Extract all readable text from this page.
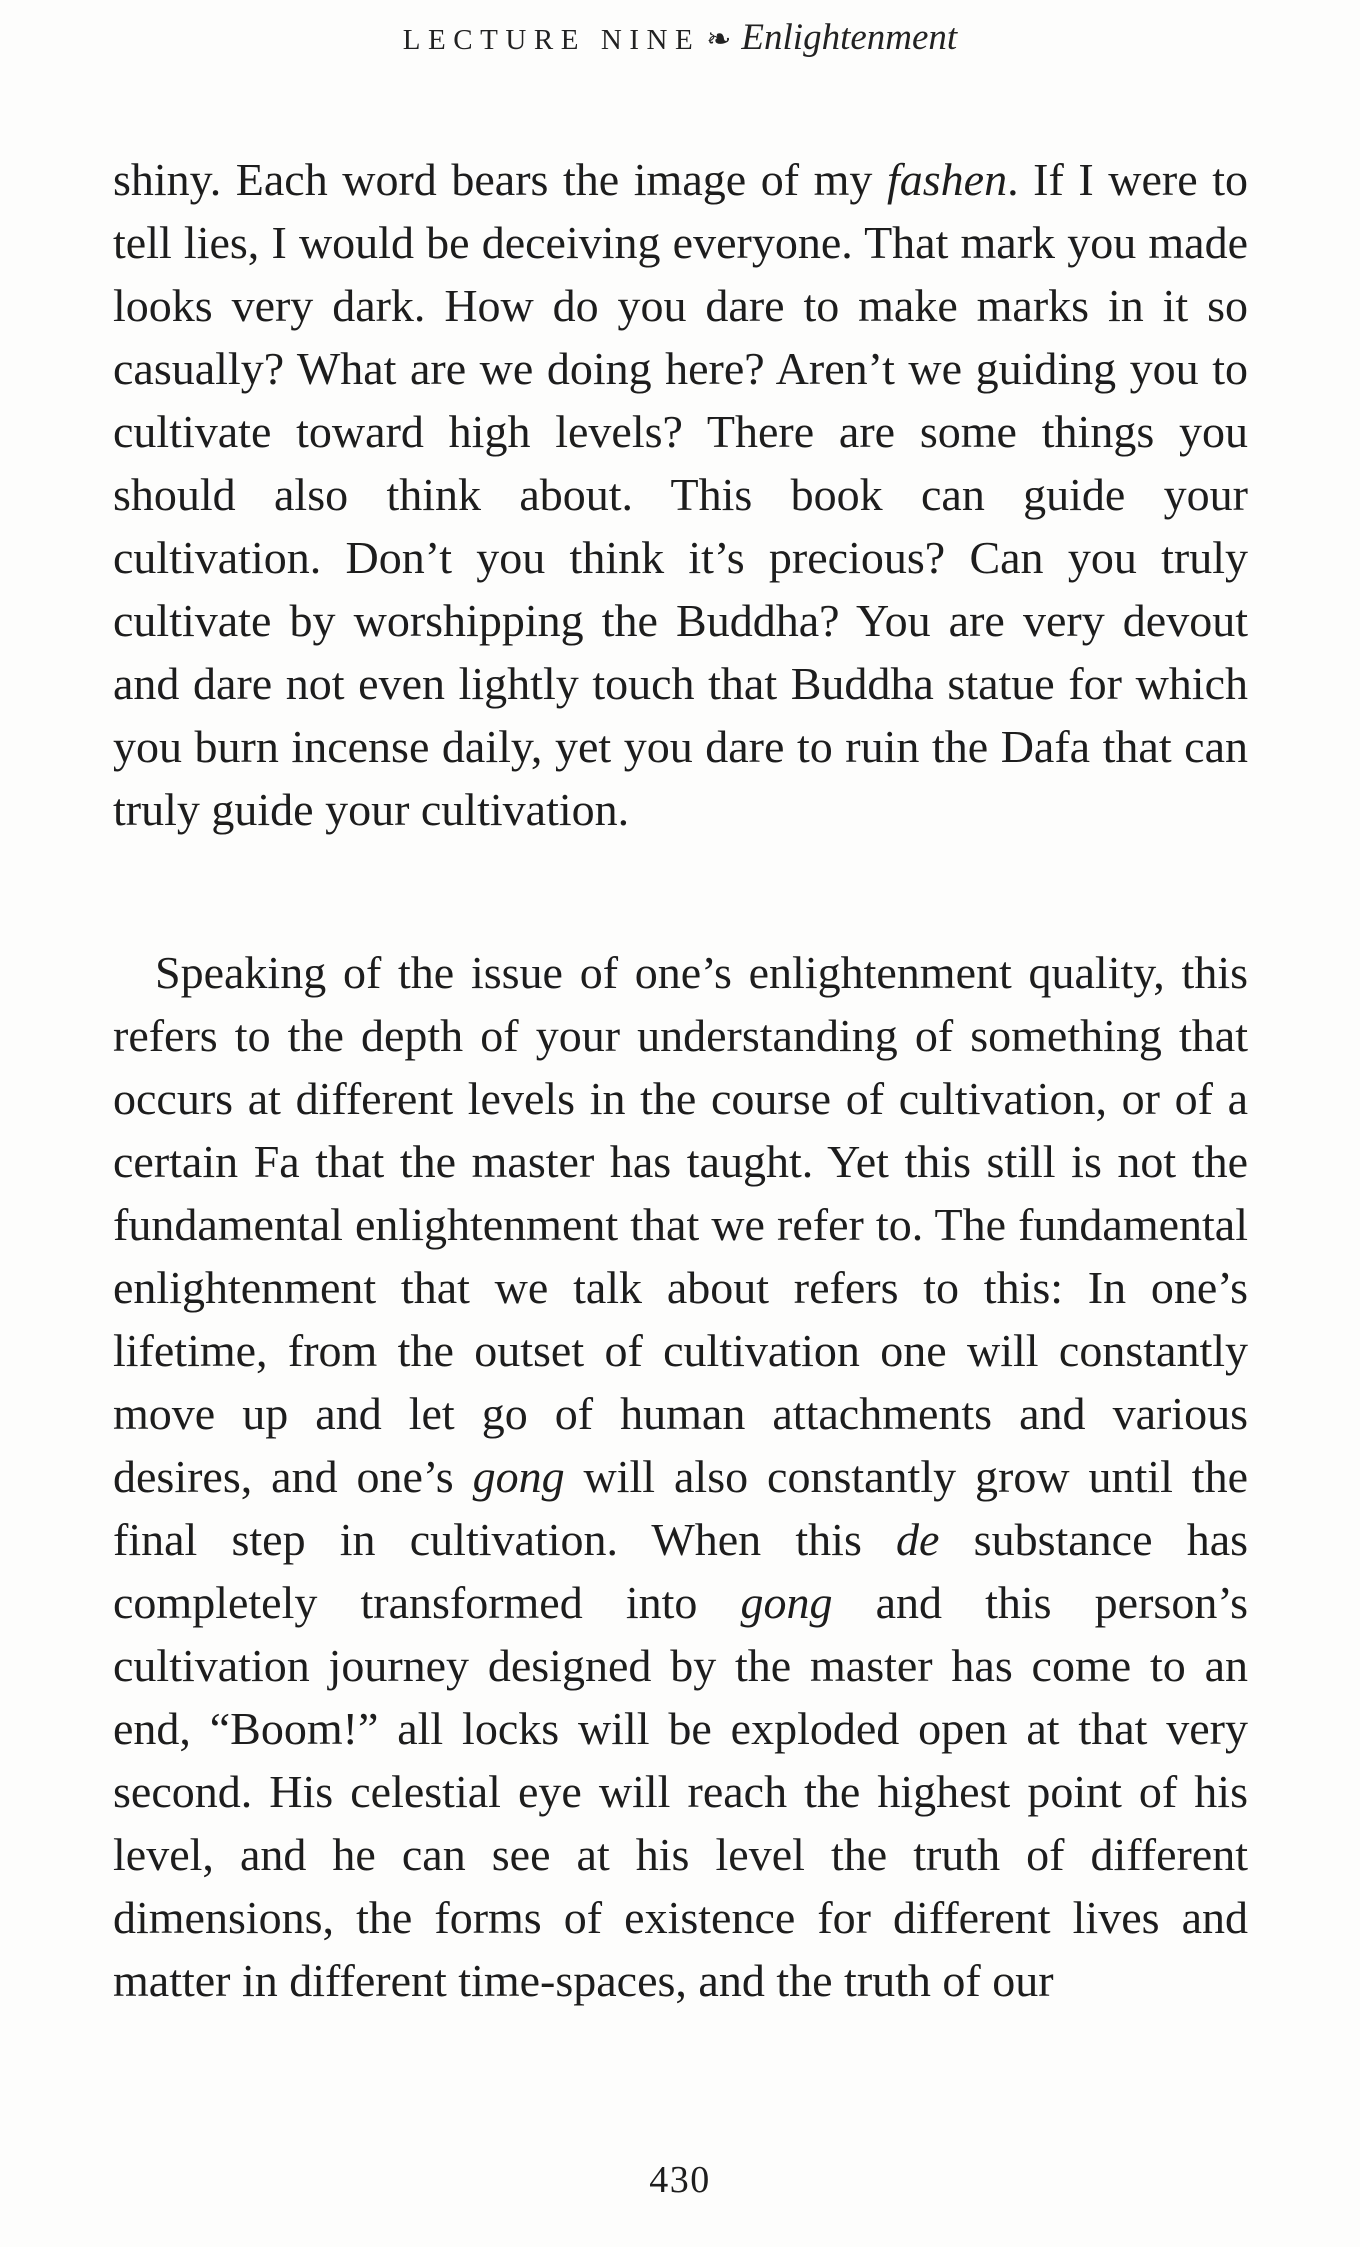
LECTURE NINE ❧ Enlightenment

shiny. Each word bears the image of my fashen. If I were to tell lies, I would be deceiving everyone. That mark you made looks very dark. How do you dare to make marks in it so casually? What are we doing here? Aren’t we guiding you to cultivate toward high levels? There are some things you should also think about. This book can guide your cultivation. Don’t you think it’s precious? Can you truly cultivate by worshipping the Buddha? You are very devout and dare not even lightly touch that Buddha statue for which you burn incense daily, yet you dare to ruin the Dafa that can truly guide your cultivation.

Speaking of the issue of one’s enlightenment quality, this refers to the depth of your understanding of something that occurs at different levels in the course of cultivation, or of a certain Fa that the master has taught. Yet this still is not the fundamental enlightenment that we refer to. The fundamental enlightenment that we talk about refers to this: In one’s lifetime, from the outset of cultivation one will constantly move up and let go of human attachments and various desires, and one’s gong will also constantly grow until the final step in cultivation. When this de substance has completely transformed into gong and this person’s cultivation journey designed by the master has come to an end, “Boom!” all locks will be exploded open at that very second. His celestial eye will reach the highest point of his level, and he can see at his level the truth of different dimensions, the forms of existence for different lives and matter in different time-spaces, and the truth of our

430
